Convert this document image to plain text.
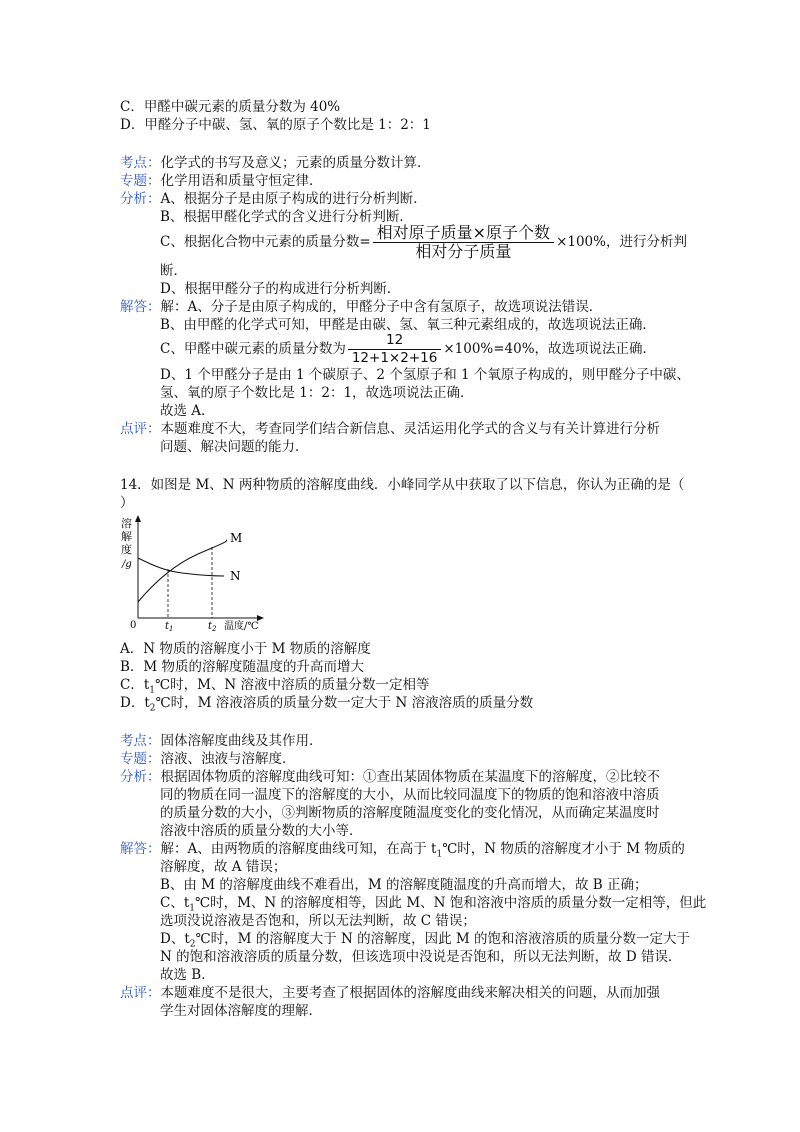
C．甲醛中碳元素的质量分数为 40%
D．甲醛分子中碳、氢、氧的原子个数比是 1：2：1
考点：化学式的书写及意义；元素的质量分数计算．
专题：化学用语和质量守恒定律．
分析：A、根据分子是由原子构成的进行分析判断．
B、根据甲醛化学式的含义进行分析判断．
C、根据化合物中元素的质量分数= $\frac{\text{相对原子质量×原子个数}}{\text{相对分子质量}} \times 100\%$，进行分析判
断．
D、根据甲醛分子的构成进行分析判断．
解答：解：A、分子是由原子构成的，甲醛分子中含有氢原子，故选项说法错误．
B、由甲醛的化学式可知，甲醛是由碳、氢、氧三种元素组成的，故选项说法正确．
C、甲醛中碳元素的质量分数为 $\frac{12}{12+1\times 2+16} \times 100\%=40\%$，故选项说法正确．
D、1 个甲醛分子是由 1 个碳原子、2 个氢原子和 1 个氧原子构成的，则甲醛分子中碳、
氢、氧的原子个数比是 1：2：1，故选项说法正确．
故选 A．
点评：本题难度不大，考查同学们结合新信息、灵活运用化学式的含义与有关计算进行分析
问题、解决问题的能力．
14．如图是 M、N 两种物质的溶解度曲线．小峰同学从中获取了以下信息，你认为正确的是（
）
溶
解
度
/g
M
N
0	$t_1$	$t_2$ 温度/℃
A．N 物质的溶解度小于 M 物质的溶解度
B．M 物质的溶解度随温度的升高而增大
C．$t_1℃$时，M、N 溶液中溶质的质量分数一定相等
D．$t_2℃$时，M 溶液溶质的质量分数一定大于 N 溶液溶质的质量分数
考点：固体溶解度曲线及其作用．
专题：溶液、浊液与溶解度．
分析：根据固体物质的溶解度曲线可知：①查出某固体物质在某温度下的溶解度，②比较不
同的物质在同一温度下的溶解度的大小，从而比较同温度下的物质的饱和溶液中溶质
的质量分数的大小，③判断物质的溶解度随温度变化的变化情况，从而确定某温度时
溶液中溶质的质量分数的大小等．
解答：解：A、由两物质的溶解度曲线可知，在高于 $t_1℃$时，N 物质的溶解度才小于 M 物质的
溶解度，故 A 错误；
B、由 M 的溶解度曲线不难看出，M 的溶解度随温度的升高而增大，故 B 正确；
C、$t_1℃$时，M、N 的溶解度相等，因此 M、N 饱和溶液中溶质的质量分数一定相等，但此
选项没说溶液是否饱和，所以无法判断，故 C 错误；
D、$t_2℃$时，M 的溶解度大于 N 的溶解度，因此 M 的饱和溶液溶质的质量分数一定大于
N 的饱和溶液溶质的质量分数，但该选项中没说是否饱和，所以无法判断，故 D 错误．
故选 B．
点评：本题难度不是很大，主要考查了根据固体的溶解度曲线来解决相关的问题，从而加强
学生对固体溶解度的理解．
